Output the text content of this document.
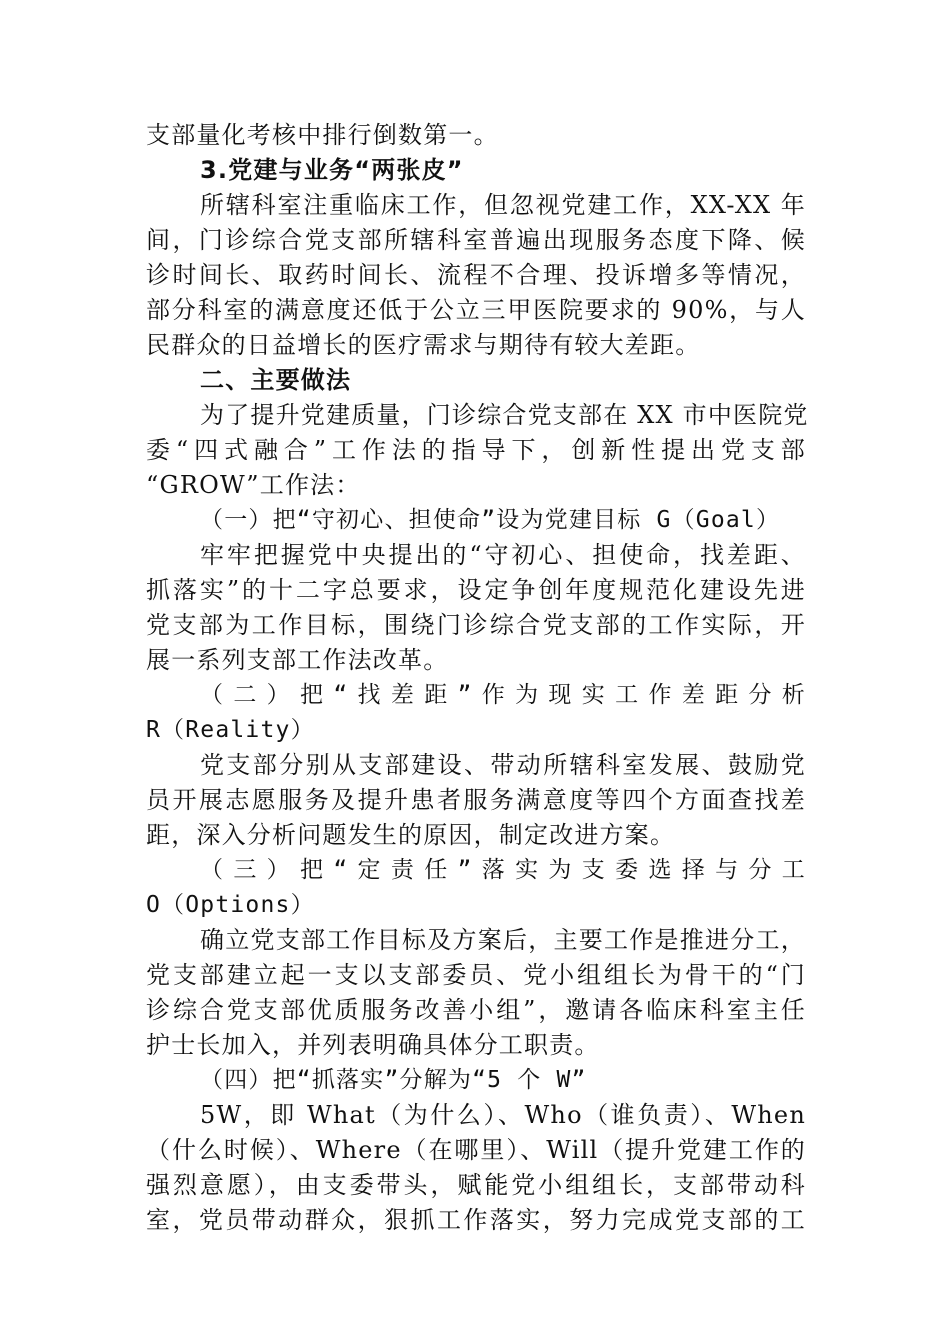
支部量化考核中排行倒数第一。
3.党建与业务“两张皮”
所辖科室注重临床工作，但忽视党建工作，XX-XX 年
间，门诊综合党支部所辖科室普遍出现服务态度下降、候
诊时间长、取药时间长、流程不合理、投诉增多等情况，
部分科室的满意度还低于公立三甲医院要求的 90%，与人
民群众的日益增长的医疗需求与期待有较大差距。
二、主要做法
为了提升党建质量，门诊综合党支部在 XX 市中医院党
委“四式融合”工作法的指导下，创新性提出党支部
“GROW”工作法：
（一）把“守初心、担使命”设为党建目标 G（Goal）
牢牢把握党中央提出的“守初心、担使命，找差距、
抓落实”的十二字总要求，设定争创年度规范化建设先进
党支部为工作目标，围绕门诊综合党支部的工作实际，开
展一系列支部工作法改革。
（二）把“找差距”作为现实工作差距分析
R（Reality）
党支部分别从支部建设、带动所辖科室发展、鼓励党
员开展志愿服务及提升患者服务满意度等四个方面查找差
距，深入分析问题发生的原因，制定改进方案。
（三）把“定责任”落实为支委选择与分工
O（Options）
确立党支部工作目标及方案后，主要工作是推进分工，
党支部建立起一支以支部委员、党小组组长为骨干的“门
诊综合党支部优质服务改善小组”，邀请各临床科室主任
护士长加入，并列表明确具体分工职责。
（四）把“抓落实”分解为“5 个 W”
5W，即 What（为什么）、Who（谁负责）、When
（什么时候）、Where（在哪里）、Will（提升党建工作的
强烈意愿），由支委带头，赋能党小组组长，支部带动科
室，党员带动群众，狠抓工作落实，努力完成党支部的工
